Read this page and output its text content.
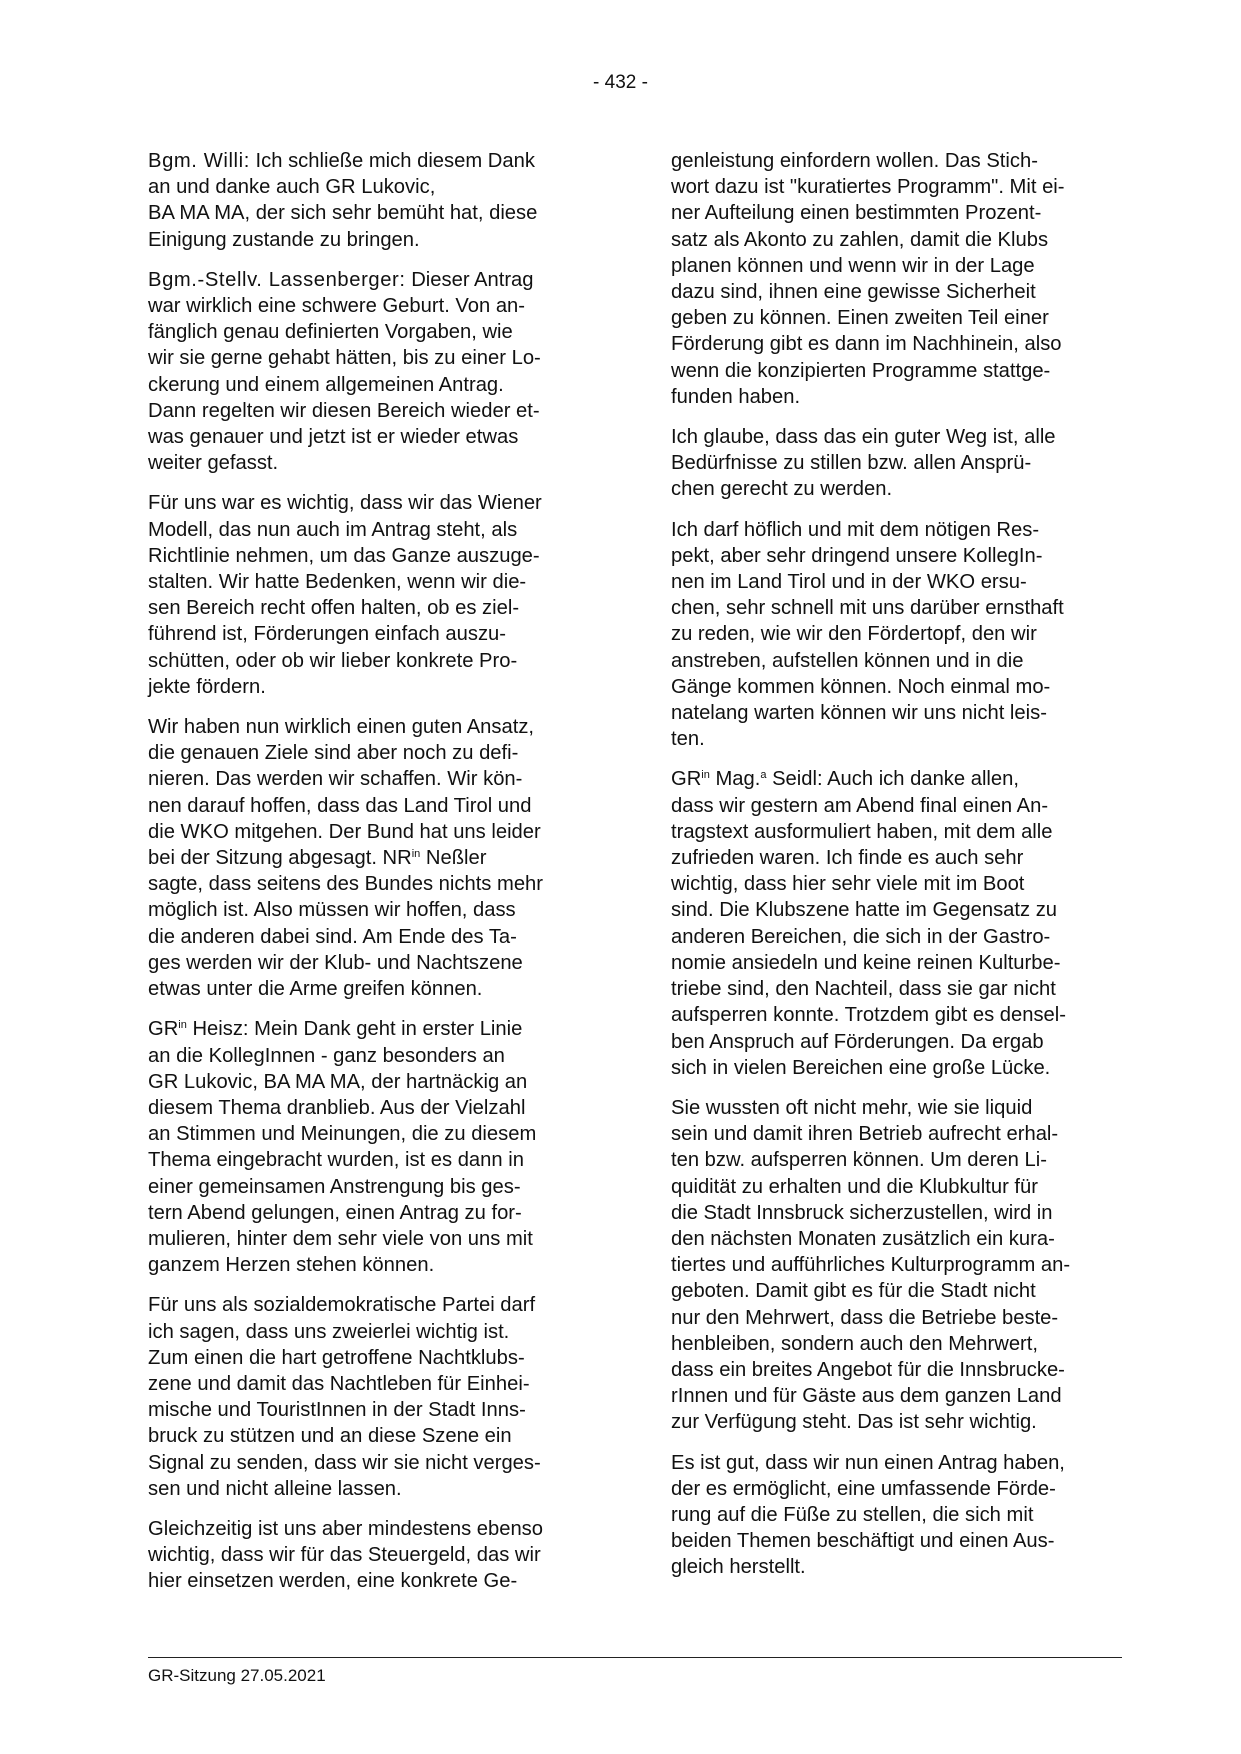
- 432 -

Bgm. Willi: Ich schließe mich diesem Dank
an und danke auch GR Lukovic,
BA MA MA, der sich sehr bemüht hat, diese
Einigung zustande zu bringen.

Bgm.-Stellv. Lassenberger: Dieser Antrag
war wirklich eine schwere Geburt. Von an-
fänglich genau definierten Vorgaben, wie
wir sie gerne gehabt hätten, bis zu einer Lo-
ckerung und einem allgemeinen Antrag.
Dann regelten wir diesen Bereich wieder et-
was genauer und jetzt ist er wieder etwas
weiter gefasst.

Für uns war es wichtig, dass wir das Wiener
Modell, das nun auch im Antrag steht, als
Richtlinie nehmen, um das Ganze auszuge-
stalten. Wir hatte Bedenken, wenn wir die-
sen Bereich recht offen halten, ob es ziel-
führend ist, Förderungen einfach auszu-
schütten, oder ob wir lieber konkrete Pro-
jekte fördern.

Wir haben nun wirklich einen guten Ansatz,
die genauen Ziele sind aber noch zu defi-
nieren. Das werden wir schaffen. Wir kön-
nen darauf hoffen, dass das Land Tirol und
die WKO mitgehen. Der Bund hat uns leider
bei der Sitzung abgesagt. $NR^{in}$ Neßler
sagte, dass seitens des Bundes nichts mehr
möglich ist. Also müssen wir hoffen, dass
die anderen dabei sind. Am Ende des Ta-
ges werden wir der Klub- und Nachtszene
etwas unter die Arme greifen können.

$GR^{in}$ Heisz: Mein Dank geht in erster Linie
an die KollegInnen - ganz besonders an
GR Lukovic, BA MA MA, der hartnäckig an
diesem Thema dranblieb. Aus der Vielzahl
an Stimmen und Meinungen, die zu diesem
Thema eingebracht wurden, ist es dann in
einer gemeinsamen Anstrengung bis ges-
tern Abend gelungen, einen Antrag zu for-
mulieren, hinter dem sehr viele von uns mit
ganzem Herzen stehen können.

Für uns als sozialdemokratische Partei darf
ich sagen, dass uns zweierlei wichtig ist.
Zum einen die hart getroffene Nachtklubs-
zene und damit das Nachtleben für Einhei-
mische und TouristInnen in der Stadt Inns-
bruck zu stützen und an diese Szene ein
Signal zu senden, dass wir sie nicht verges-
sen und nicht alleine lassen.

Gleichzeitig ist uns aber mindestens ebenso
wichtig, dass wir für das Steuergeld, das wir
hier einsetzen werden, eine konkrete Ge-

genleistung einfordern wollen. Das Stich-
wort dazu ist "kuratiertes Programm". Mit ei-
ner Aufteilung einen bestimmten Prozent-
satz als Akonto zu zahlen, damit die Klubs
planen können und wenn wir in der Lage
dazu sind, ihnen eine gewisse Sicherheit
geben zu können. Einen zweiten Teil einer
Förderung gibt es dann im Nachhinein, also
wenn die konzipierten Programme stattge-
funden haben.

Ich glaube, dass das ein guter Weg ist, alle
Bedürfnisse zu stillen bzw. allen Ansprü-
chen gerecht zu werden.

Ich darf höflich und mit dem nötigen Res-
pekt, aber sehr dringend unsere KollegIn-
nen im Land Tirol und in der WKO ersu-
chen, sehr schnell mit uns darüber ernsthaft
zu reden, wie wir den Fördertopf, den wir
anstreben, aufstellen können und in die
Gänge kommen können. Noch einmal mo-
natelang warten können wir uns nicht leis-
ten.

$GR^{in}$ Mag.$^a$ Seidl: Auch ich danke allen,
dass wir gestern am Abend final einen An-
tragstext ausformuliert haben, mit dem alle
zufrieden waren. Ich finde es auch sehr
wichtig, dass hier sehr viele mit im Boot
sind. Die Klubszene hatte im Gegensatz zu
anderen Bereichen, die sich in der Gastro-
nomie ansiedeln und keine reinen Kulturbe-
triebe sind, den Nachteil, dass sie gar nicht
aufsperren konnte. Trotzdem gibt es densel-
ben Anspruch auf Förderungen. Da ergab
sich in vielen Bereichen eine große Lücke.

Sie wussten oft nicht mehr, wie sie liquid
sein und damit ihren Betrieb aufrecht erhal-
ten bzw. aufsperren können. Um deren Li-
quidität zu erhalten und die Klubkultur für
die Stadt Innsbruck sicherzustellen, wird in
den nächsten Monaten zusätzlich ein kura-
tiertes und aufführliches Kulturprogramm an-
geboten. Damit gibt es für die Stadt nicht
nur den Mehrwert, dass die Betriebe beste-
henbleiben, sondern auch den Mehrwert,
dass ein breites Angebot für die Innsbrucke-
rInnen und für Gäste aus dem ganzen Land
zur Verfügung steht. Das ist sehr wichtig.

Es ist gut, dass wir nun einen Antrag haben,
der es ermöglicht, eine umfassende Förde-
rung auf die Füße zu stellen, die sich mit
beiden Themen beschäftigt und einen Aus-
gleich herstellt.

GR-Sitzung 27.05.2021
